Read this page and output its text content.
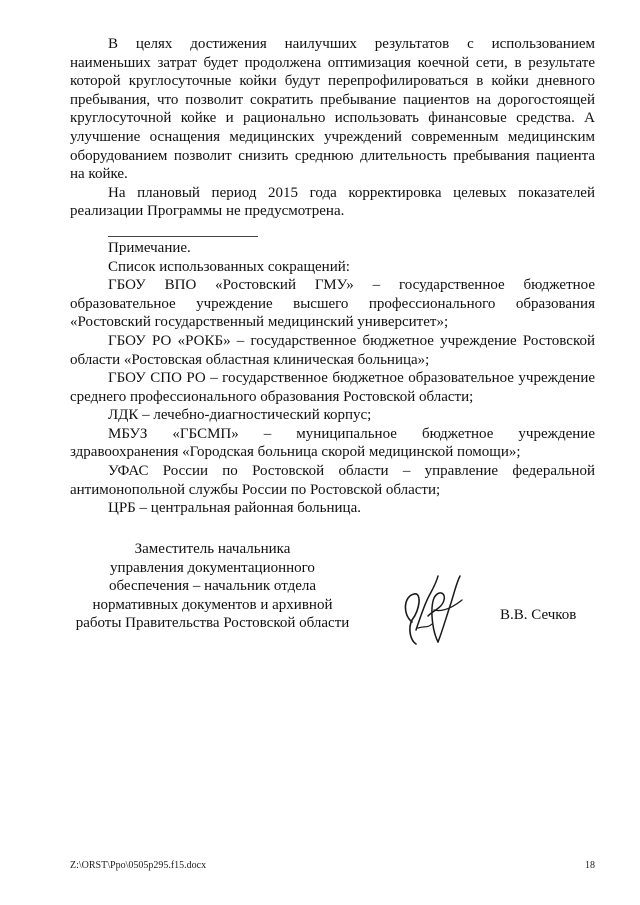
В целях достижения наилучших результатов с использованием наименьших затрат будет продолжена оптимизация коечной сети, в результате которой круглосуточные койки будут перепрофилироваться в койки дневного пребывания, что позволит сократить пребывание пациентов на дорогостоящей круглосуточной койке и рационально использовать финансовые средства. А улучшение оснащения медицинских учреждений современным медицинским оборудованием позволит снизить среднюю длительность пребывания пациента на койке.

На плановый период 2015 года корректировка целевых показателей реализации Программы не предусмотрена.

Примечание.

Список использованных сокращений:

ГБОУ ВПО «Ростовский ГМУ» – государственное бюджетное образовательное учреждение высшего профессионального образования «Ростовский государственный медицинский университет»;

ГБОУ РО «РОКБ» – государственное бюджетное учреждение Ростовской области «Ростовская областная клиническая больница»;

ГБОУ СПО РО – государственное бюджетное образовательное учреждение среднего профессионального образования Ростовской области;

ЛДК – лечебно-диагностический корпус;

МБУЗ «ГБСМП» – муниципальное бюджетное учреждение здравоохранения «Городская больница скорой медицинской помощи»;

УФАС России по Ростовской области – управление федеральной антимонопольной службы России по Ростовской области;

ЦРБ – центральная районная больница.

Заместитель начальника
управления документационного
обеспечения – начальник отдела
нормативных документов и архивной
работы Правительства Ростовской области
В.В. Сечков
Z:\ORST\Ppo\0505p295.f15.docx	18
